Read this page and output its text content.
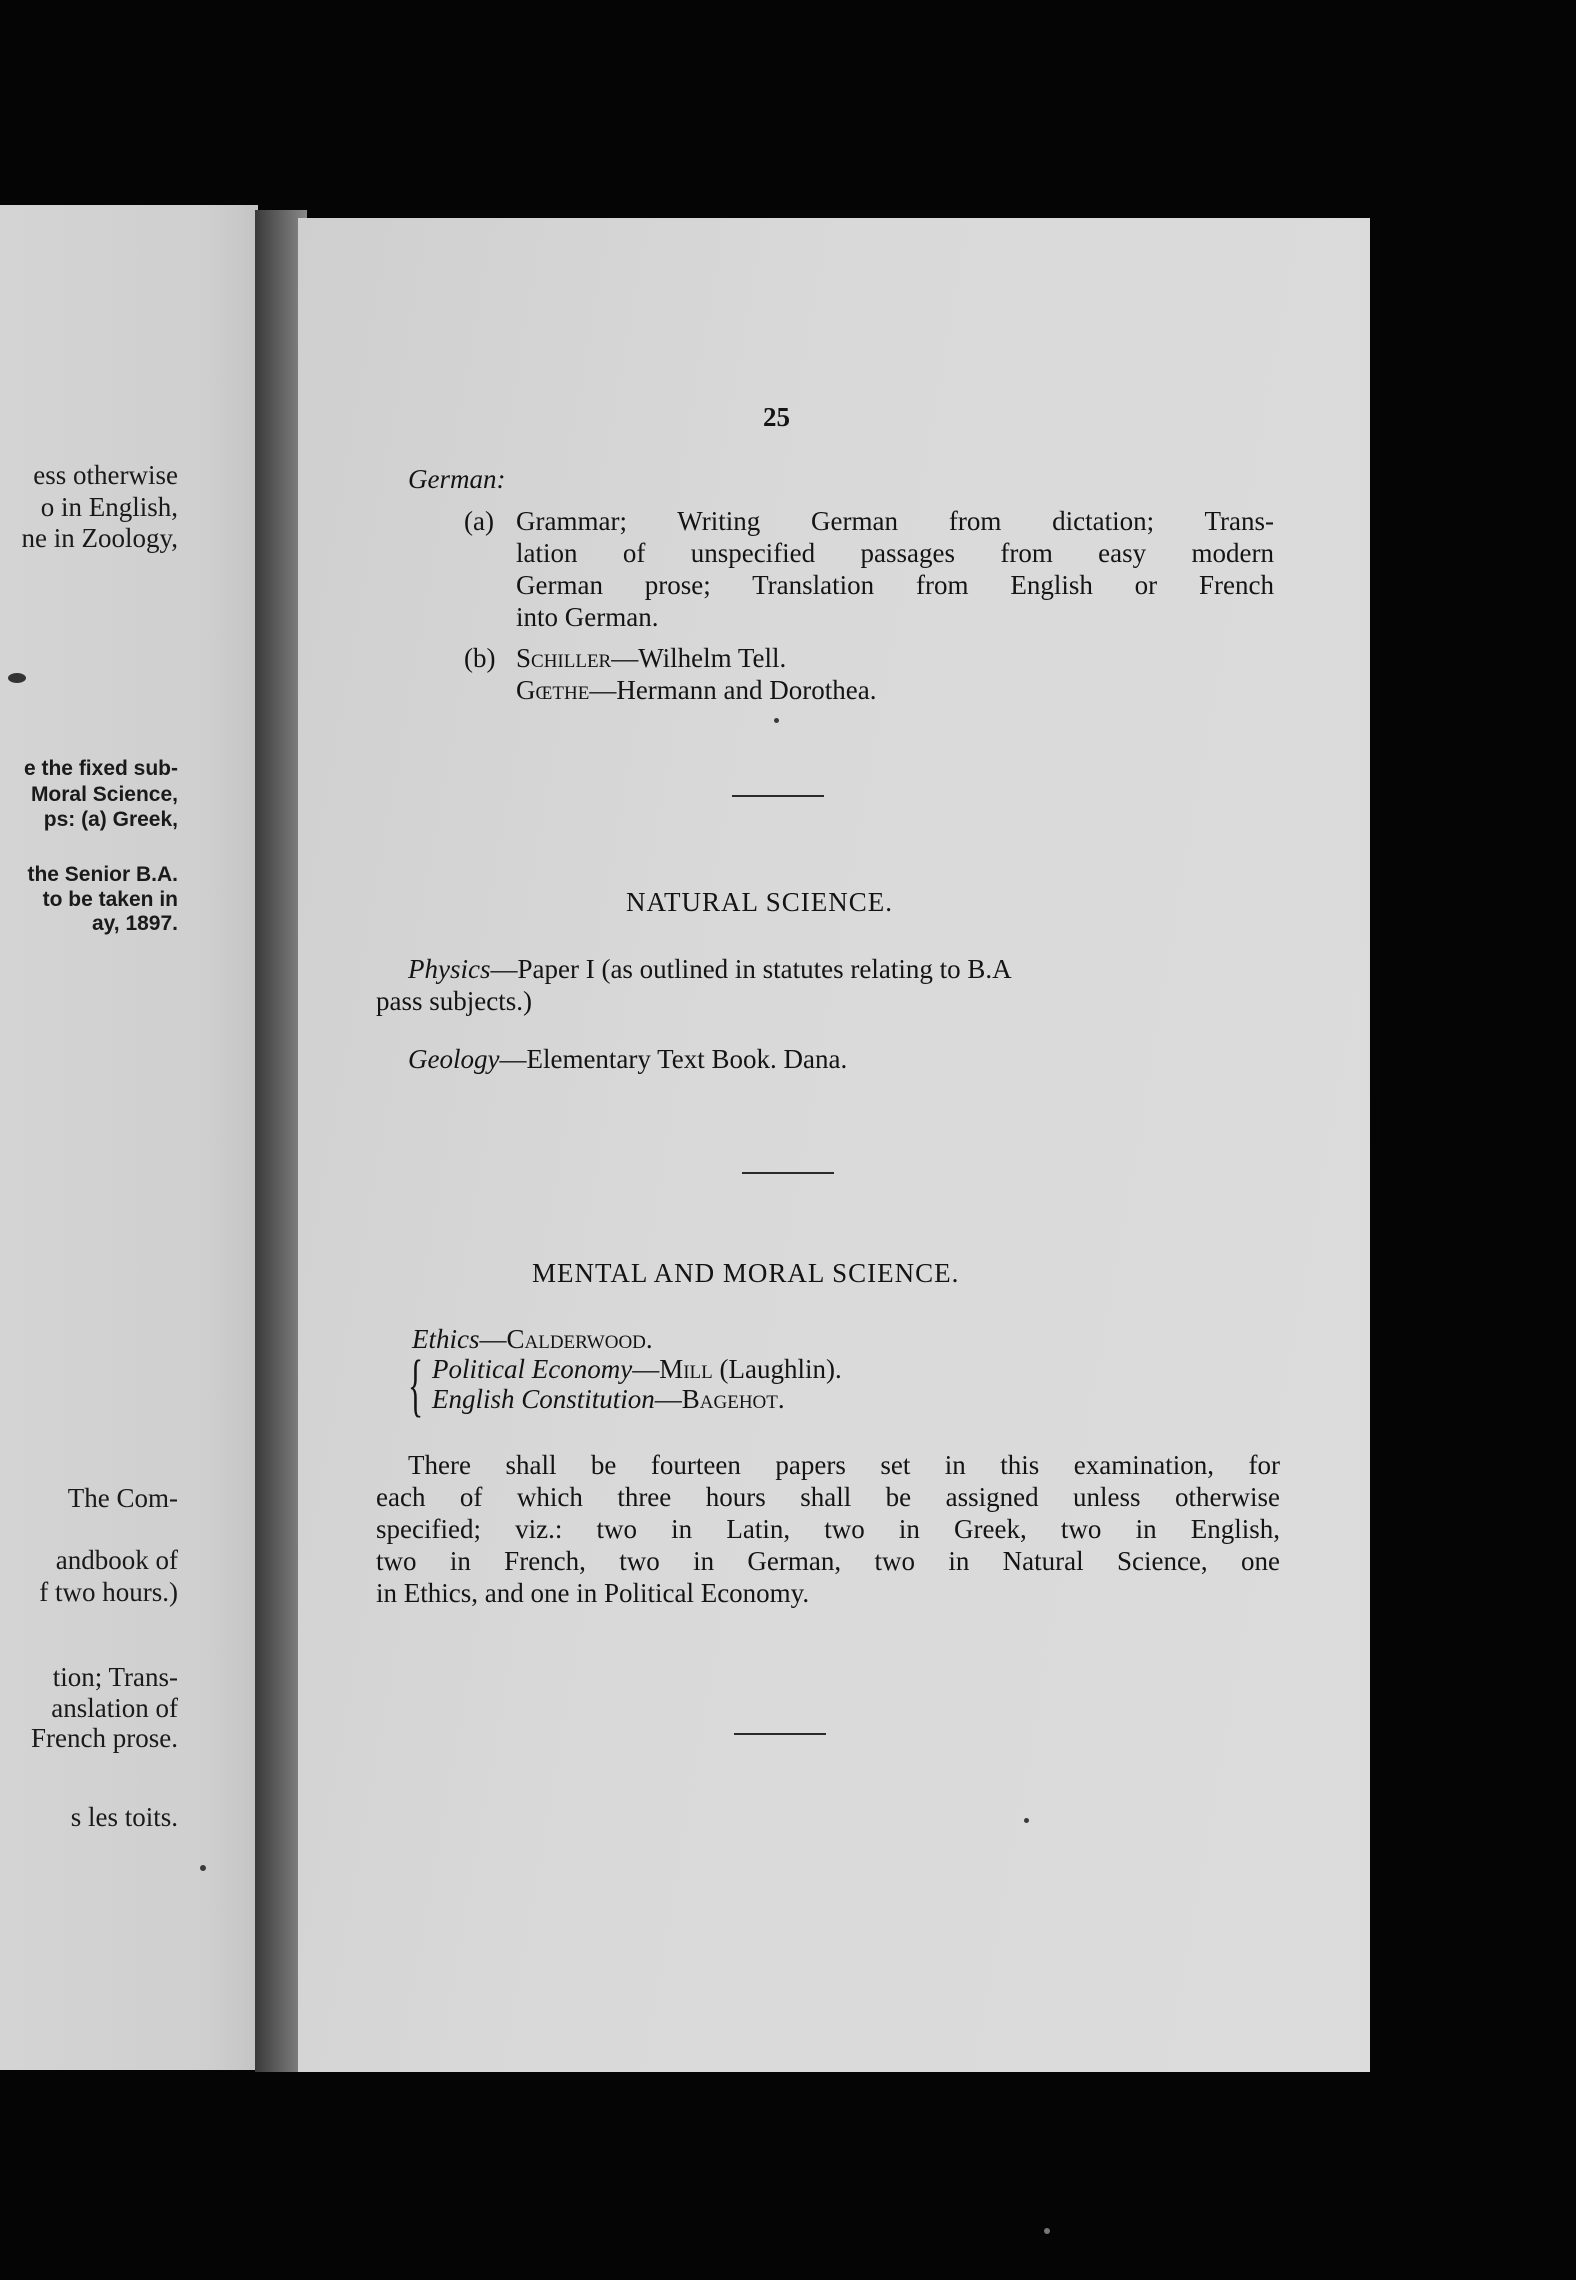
ess otherwise
o in English,
ne in Zoology,
e the fixed sub-
Moral Science,
ps: (a) Greek,
the Senior B.A.
to be taken in
ay, 1897.
The Com-
andbook of
f two hours.)
tion; Trans-
anslation of
French prose.
s les toits.
25
German:
(a) Grammar; Writing German from dictation; Trans-
lation of unspecified passages from easy modern
German prose; Translation from English or French
into German.
(b) Schiller—Wilhelm Tell.
Gœthe—Hermann and Dorothea.
NATURAL SCIENCE.
Physics—Paper I (as outlined in statutes relating to B.A
pass subjects.)
Geology—Elementary Text Book. Dana.
MENTAL AND MORAL SCIENCE.
Ethics—Calderwood.
{ Political Economy—Mill (Laughlin).
English Constitution—Bagehot.
There shall be fourteen papers set in this examination, for
each of which three hours shall be assigned unless otherwise
specified; viz.: two in Latin, two in Greek, two in English,
two in French, two in German, two in Natural Science, one
in Ethics, and one in Political Economy.
